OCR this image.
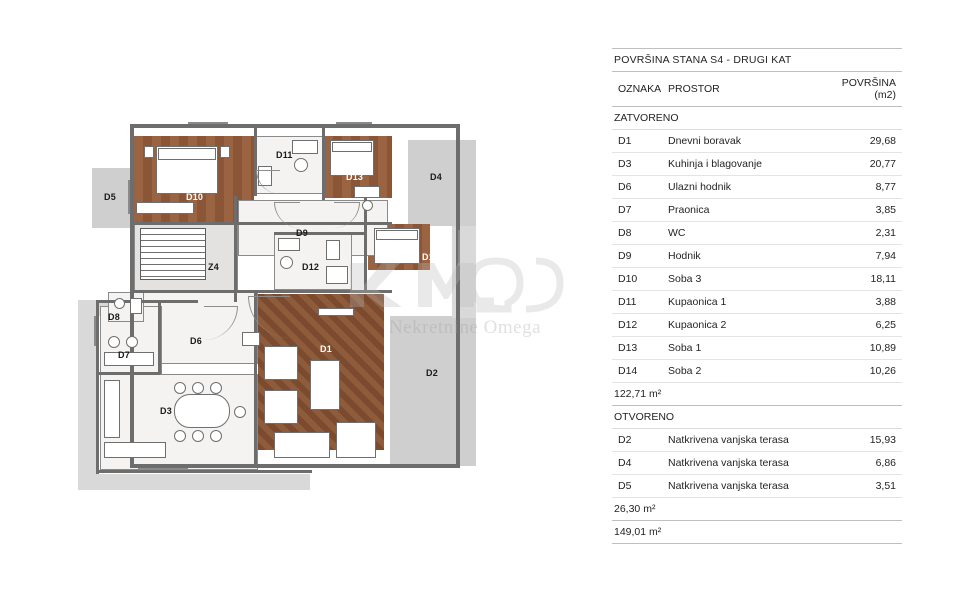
D5
D11
D13	D4
D10
D9
Z4	D12
D14
D8
D6
D7
D1
D2
D3
Nekretnine Omega
POVRŠINA STANA S4 - DRUGI KAT		
OZNAKA	PROSTOR	POVRŠINA (m2)
ZATVORENO		
D1	Dnevni boravak	29,68
D3	Kuhinja i blagovanje	20,77
D6	Ulazni hodnik	8,77
D7	Praonica	3,85
D8	WC	2,31
D9	Hodnik	7,94
D10	Soba 3	18,11
D11	Kupaonica 1	3,88
D12	Kupaonica 2	6,25
D13	Soba 1	10,89
D14	Soba 2	10,26
122,71 m²		
OTVORENO		
D2	Natkrivena vanjska terasa	15,93
D4	Natkrivena vanjska terasa	6,86
D5	Natkrivena vanjska terasa	3,51
26,30 m²		
149,01 m²		
